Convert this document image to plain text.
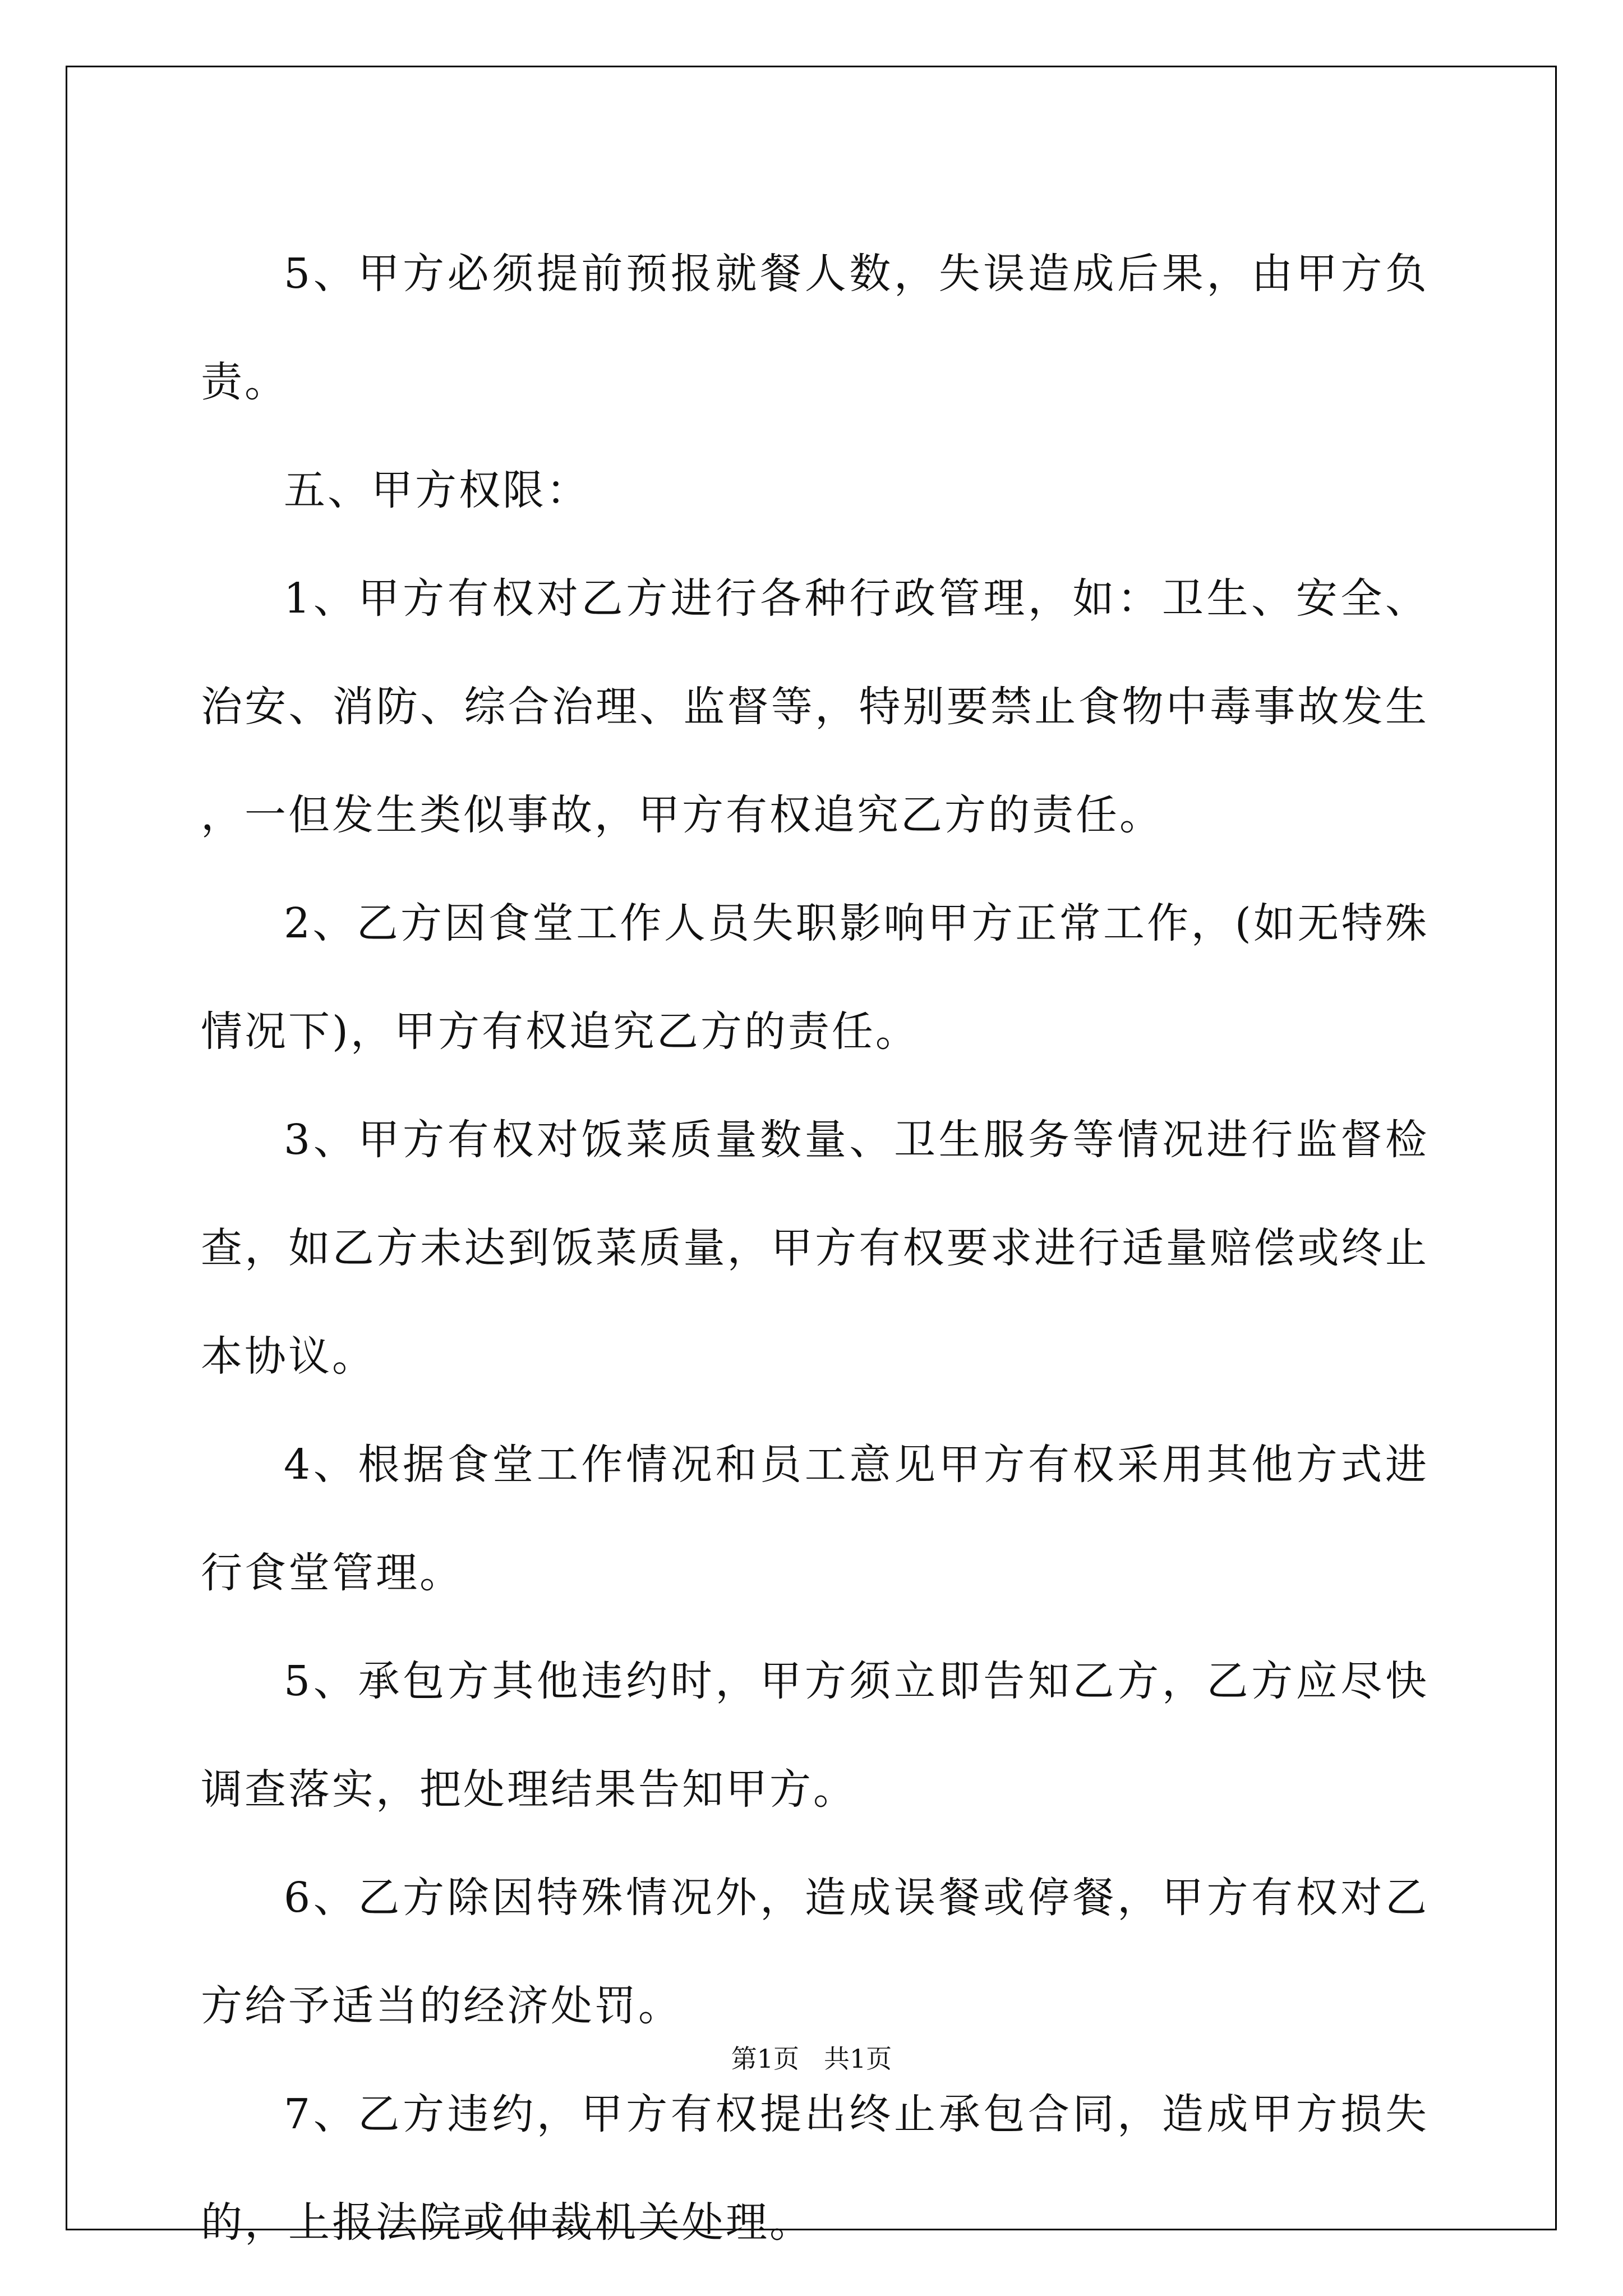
5、甲方必须提前预报就餐人数，失误造成后果，由甲方负责。

五、甲方权限：

1、甲方有权对乙方进行各种行政管理，如：卫生、安全、治安、消防、综合治理、监督等，特别要禁止食物中毒事故发生，一但发生类似事故，甲方有权追究乙方的责任。

2、乙方因食堂工作人员失职影响甲方正常工作，(如无特殊情况下)，甲方有权追究乙方的责任。

3、甲方有权对饭菜质量数量、卫生服务等情况进行监督检查，如乙方未达到饭菜质量，甲方有权要求进行适量赔偿或终止本协议。

4、根据食堂工作情况和员工意见甲方有权采用其他方式进行食堂管理。

5、承包方其他违约时，甲方须立即告知乙方，乙方应尽快调查落实，把处理结果告知甲方。

6、乙方除因特殊情况外，造成误餐或停餐，甲方有权对乙方给予适当的经济处罚。

7、乙方违约，甲方有权提出终止承包合同，造成甲方损失的，上报法院或仲裁机关处理。

第1页 共1页
